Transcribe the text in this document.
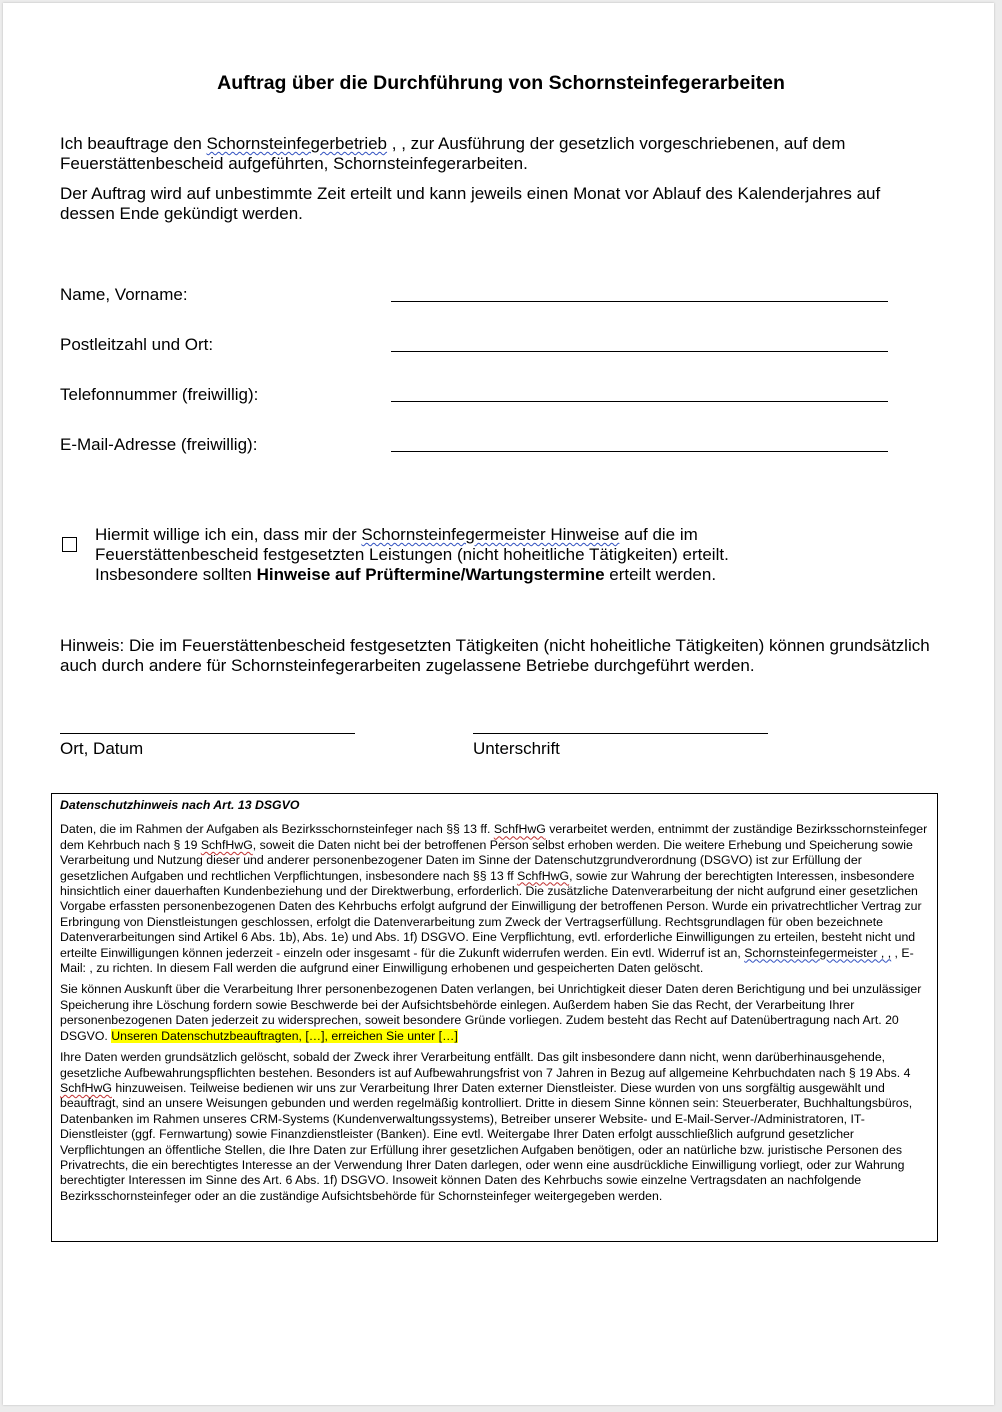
Auftrag über die Durchführung von Schornsteinfegerarbeiten
Ich beauftrage den Schornsteinfegerbetrieb , , zur Ausführung der gesetzlich vorgeschriebenen, auf dem Feuerstättenbescheid aufgeführten, Schornsteinfegerarbeiten.
Der Auftrag wird auf unbestimmte Zeit erteilt und kann jeweils einen Monat vor Ablauf des Kalenderjahres auf dessen Ende gekündigt werden.
Name, Vorname:
Postleitzahl und Ort:
Telefonnummer (freiwillig):
E-Mail-Adresse (freiwillig):
Hiermit willige ich ein, dass mir der Schornsteinfegermeister Hinweise auf die im
Feuerstättenbescheid festgesetzten Leistungen (nicht hoheitliche Tätigkeiten) erteilt.
Insbesondere sollten Hinweise auf Prüftermine/Wartungstermine erteilt werden.
Hinweis: Die im Feuerstättenbescheid festgesetzten Tätigkeiten (nicht hoheitliche Tätigkeiten) können grundsätzlich auch durch andere für Schornsteinfegerarbeiten zugelassene Betriebe durchgeführt werden.
Ort, Datum	Unterschrift
Datenschutzhinweis nach Art. 13 DSGVO

Daten, die im Rahmen der Aufgaben als Bezirksschornsteinfeger nach §§ 13 ff. SchfHwG verarbeitet werden, entnimmt der zuständige Bezirksschornsteinfeger dem Kehrbuch nach § 19 SchfHwG, soweit die Daten nicht bei der betroffenen Person selbst erhoben werden. Die weitere Erhebung und Speicherung sowie Verarbeitung und Nutzung dieser und anderer personenbezogener Daten im Sinne der Datenschutzgrundverordnung (DSGVO) ist zur Erfüllung der gesetzlichen Aufgaben und rechtlichen Verpflichtungen, insbesondere nach §§ 13 ff SchfHwG, sowie zur Wahrung der berechtigten Interessen, insbesondere hinsichtlich einer dauerhaften Kundenbeziehung und der Direktwerbung, erforderlich. Die zusätzliche Datenverarbeitung der nicht aufgrund einer gesetzlichen Vorgabe erfassten personenbezogenen Daten des Kehrbuchs erfolgt aufgrund der Einwilligung der betroffenen Person. Wurde ein privatrechtlicher Vertrag zur Erbringung von Dienstleistungen geschlossen, erfolgt die Datenverarbeitung zum Zweck der Vertragserfüllung. Rechtsgrundlagen für oben bezeichnete Datenverarbeitungen sind Artikel 6 Abs. 1b), Abs. 1e) und Abs. 1f) DSGVO. Eine Verpflichtung, evtl. erforderliche Einwilligungen zu erteilen, besteht nicht und erteilte Einwilligungen können jederzeit - einzeln oder insgesamt - für die Zukunft widerrufen werden. Ein evtl. Widerruf ist an, Schornsteinfegermeister , , , E-Mail: , zu richten. In diesem Fall werden die aufgrund einer Einwilligung erhobenen und gespeicherten Daten gelöscht.

Sie können Auskunft über die Verarbeitung Ihrer personenbezogenen Daten verlangen, bei Unrichtigkeit dieser Daten deren Berichtigung und bei unzulässiger Speicherung ihre Löschung fordern sowie Beschwerde bei der Aufsichtsbehörde einlegen. Außerdem haben Sie das Recht, der Verarbeitung Ihrer personenbezogenen Daten jederzeit zu widersprechen, soweit besondere Gründe vorliegen. Zudem besteht das Recht auf Datenübertragung nach Art. 20 DSGVO. Unseren Datenschutzbeauftragten, […], erreichen Sie unter […]

Ihre Daten werden grundsätzlich gelöscht, sobald der Zweck ihrer Verarbeitung entfällt. Das gilt insbesondere dann nicht, wenn darüberhinausgehende, gesetzliche Aufbewahrungspflichten bestehen. Besonders ist auf Aufbewahrungsfrist von 7 Jahren in Bezug auf allgemeine Kehrbuchdaten nach § 19 Abs. 4 SchfHwG hinzuweisen. Teilweise bedienen wir uns zur Verarbeitung Ihrer Daten externer Dienstleister. Diese wurden von uns sorgfältig ausgewählt und beauftragt, sind an unsere Weisungen gebunden und werden regelmäßig kontrolliert. Dritte in diesem Sinne können sein: Steuerberater, Buchhaltungsbüros, Datenbanken im Rahmen unseres CRM-Systems (Kundenverwaltungssystems), Betreiber unserer Website- und E-Mail-Server-/Administratoren, IT-Dienstleister (ggf. Fernwartung) sowie Finanzdienstleister (Banken). Eine evtl. Weitergabe Ihrer Daten erfolgt ausschließlich aufgrund gesetzlicher Verpflichtungen an öffentliche Stellen, die Ihre Daten zur Erfüllung ihrer gesetzlichen Aufgaben benötigen, oder an natürliche bzw. juristische Personen des Privatrechts, die ein berechtigtes Interesse an der Verwendung Ihrer Daten darlegen, oder wenn eine ausdrückliche Einwilligung vorliegt, oder zur Wahrung berechtigter Interessen im Sinne des Art. 6 Abs. 1f) DSGVO. Insoweit können Daten des Kehrbuchs sowie einzelne Vertragsdaten an nachfolgende Bezirksschornsteinfeger oder an die zuständige Aufsichtsbehörde für Schornsteinfeger weitergegeben werden.
